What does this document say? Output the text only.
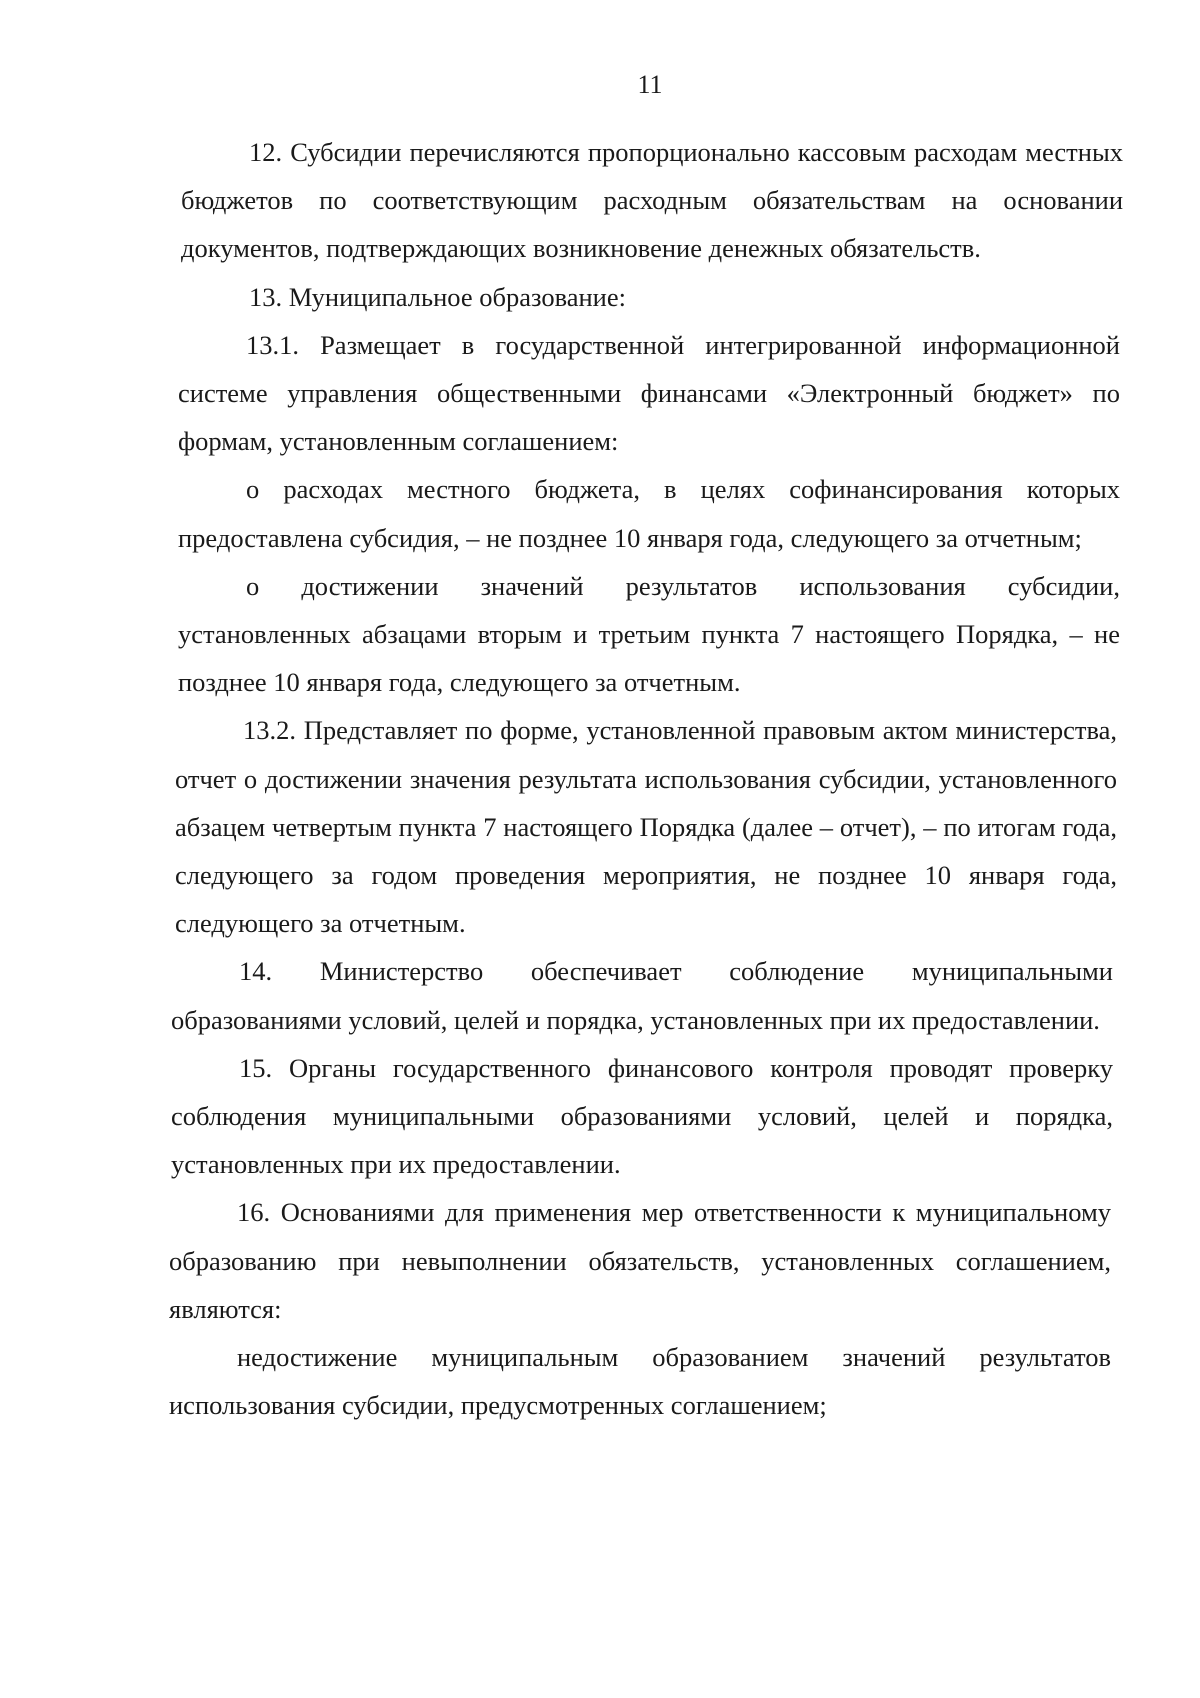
11

12. Субсидии перечисляются пропорционально кассовым расходам местных бюджетов по соответствующим расходным обязательствам на основании документов, подтверждающих возникновение денежных обязательств.

13. Муниципальное образование:

13.1. Размещает в государственной интегрированной информационной системе управления общественными финансами «Электронный бюджет» по формам, установленным соглашением:

о расходах местного бюджета, в целях софинансирования которых предоставлена субсидия, – не позднее 10 января года, следующего за отчетным;

о достижении значений результатов использования субсидии, установленных абзацами вторым и третьим пункта 7 настоящего Порядка, – не позднее 10 января года, следующего за отчетным.

13.2. Представляет по форме, установленной правовым актом министерства, отчет о достижении значения результата использования субсидии, установленного абзацем четвертым пункта 7 настоящего Порядка (далее – отчет), – по итогам года, следующего за годом проведения мероприятия, не позднее 10 января года, следующего за отчетным.

14. Министерство обеспечивает соблюдение муниципальными образованиями условий, целей и порядка, установленных при их предоставлении.

15. Органы государственного финансового контроля проводят проверку соблюдения муниципальными образованиями условий, целей и порядка, установленных при их предоставлении.

16. Основаниями для применения мер ответственности к муниципальному образованию при невыполнении обязательств, установленных соглашением, являются:

недостижение муниципальным образованием значений результатов использования субсидии, предусмотренных соглашением;
